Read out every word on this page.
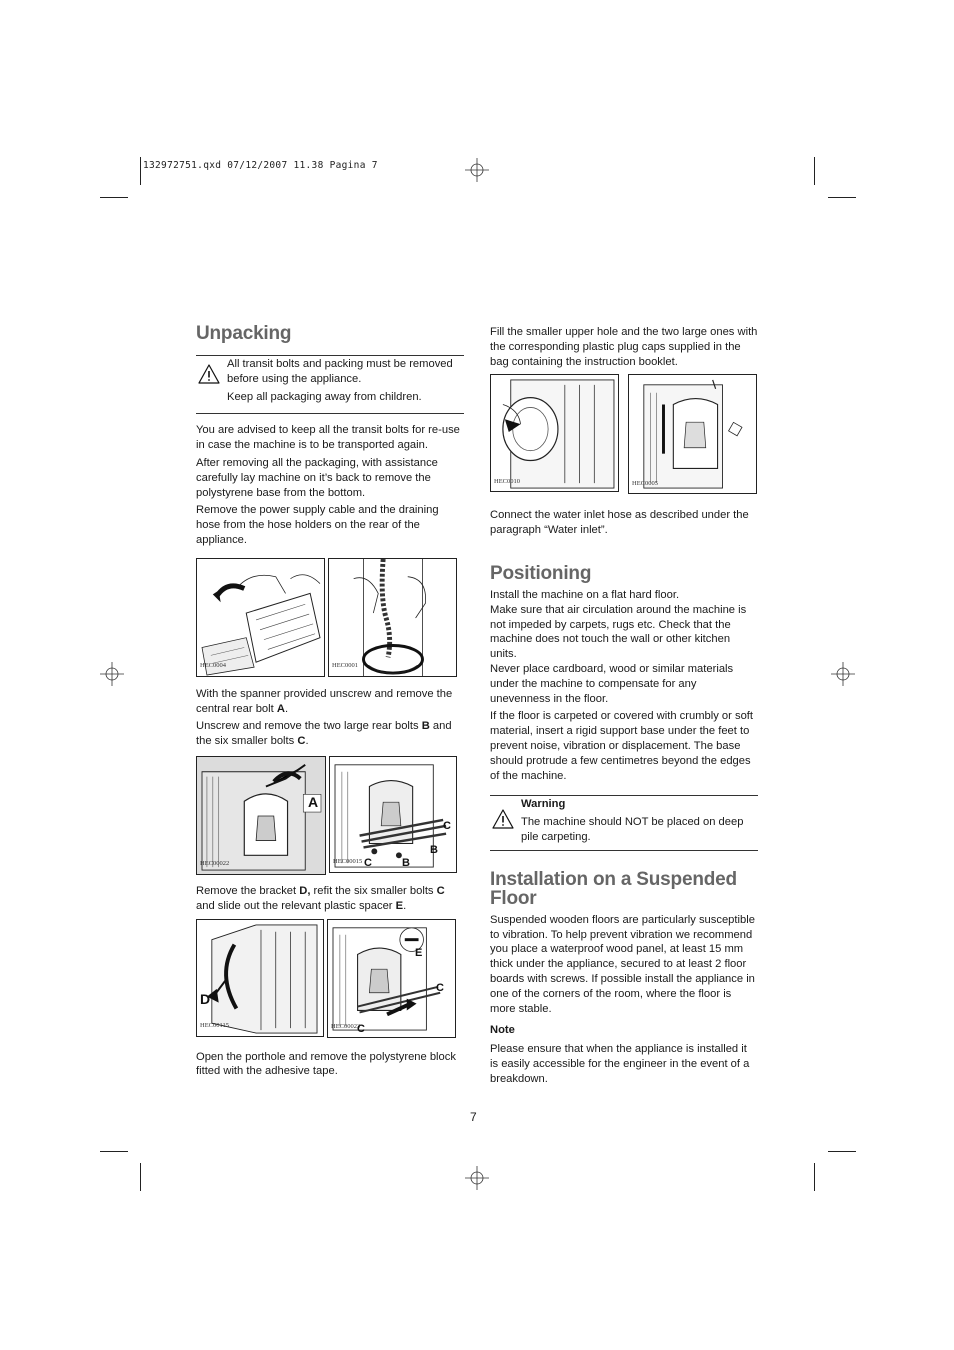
132972751.qxd 07/12/2007 11.38 Pagina 7
Unpacking

All transit bolts and packing must be removed before using the appliance.

Keep all packaging away from children.

You are advised to keep all the transit bolts for re-use in case the machine is to be transported again.

After removing all the packaging, with assistance carefully lay machine on it’s back to remove the polystyrene base from the bottom.

Remove the power supply cable and the draining hose from the hose holders on the rear of the appliance.

HEC0004	HEC0001

With the spanner provided unscrew and remove the central rear bolt A.

Unscrew and remove the two large rear bolts B and the six smaller bolts C.

A
HEC00022
C
B
C	B
HEC00015

Remove the bracket D, refit the six smaller bolts C and slide out the relevant plastic spacer E.

D
HEC00115
E
C
C
HEC00023

Open the porthole and remove the polystyrene block fitted with the adhesive tape.

Fill the smaller upper hole and the two large ones with the corresponding plastic plug caps supplied in the bag containing the instruction booklet.

HEC0010	HEC0005

Connect the water inlet hose as described under the paragraph “Water inlet”.

Positioning

Install the machine on a flat hard floor.

Make sure that air circulation around the machine is not impeded by carpets, rugs etc. Check that the machine does not touch the wall or other kitchen units.

Never place cardboard, wood or similar materials under the machine to compensate for any unevenness in the floor.

If the floor is carpeted or covered with crumbly or soft material, insert a rigid support base under the feet to prevent noise, vibration or displacement. The base should protrude a few centimetres beyond the edges of the machine.

Warning

The machine should NOT be placed on deep pile carpeting.

Installation on a Suspended Floor

Suspended wooden floors are particularly susceptible to vibration. To help prevent vibration we recommend you place a waterproof wood panel, at least 15 mm thick under the appliance, secured to at least 2 floor boards with screws. If possible install the appliance in one of the corners of the room, where the floor is more stable.

Note

Please ensure that when the appliance is installed it is easily accessible for the engineer in the event of a breakdown.

7
